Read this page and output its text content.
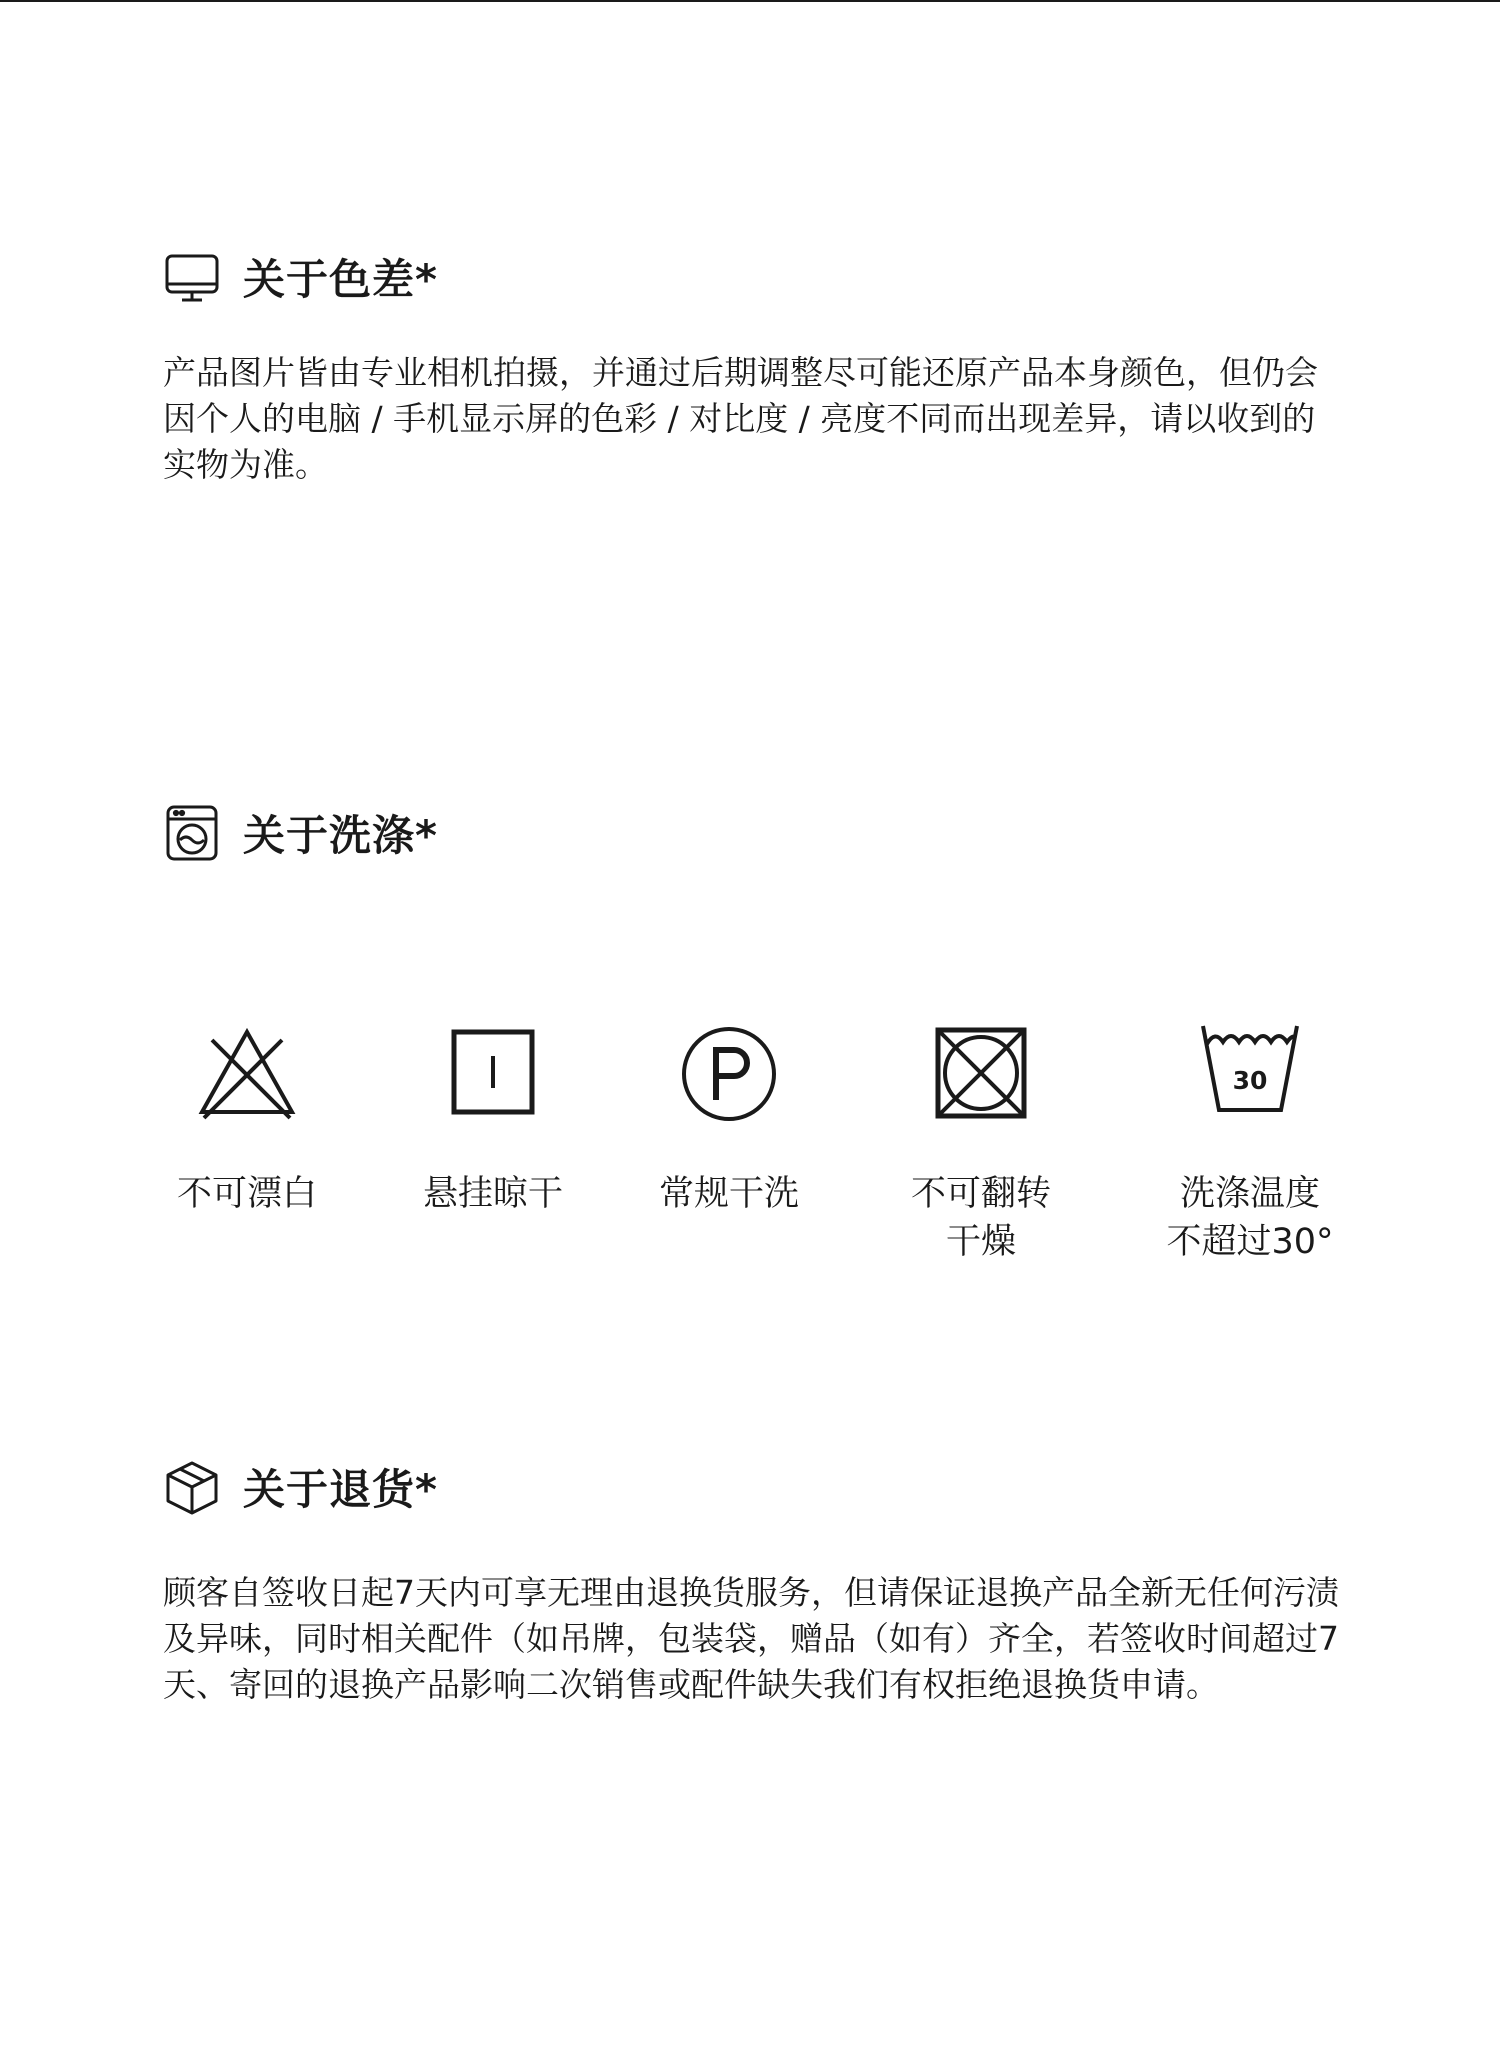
关于色差*

产品图片皆由专业相机拍摄，并通过后期调整尽可能还原产品本身颜色，但仍会因个人的电脑 / 手机显示屏的色彩 / 对比度 / 亮度不同而出现差异，请以收到的实物为准。

关于洗涤*
不可漂白	悬挂晾干	常规干洗	不可翻转
干燥
30
洗涤温度
不超过30°
关于退货*

顾客自签收日起7天内可享无理由退换货服务，但请保证退换产品全新无任何污渍及异味，同时相关配件（如吊牌，包装袋，赠品（如有）齐全，若签收时间超过7天、寄回的退换产品影响二次销售或配件缺失我们有权拒绝退换货申请。
